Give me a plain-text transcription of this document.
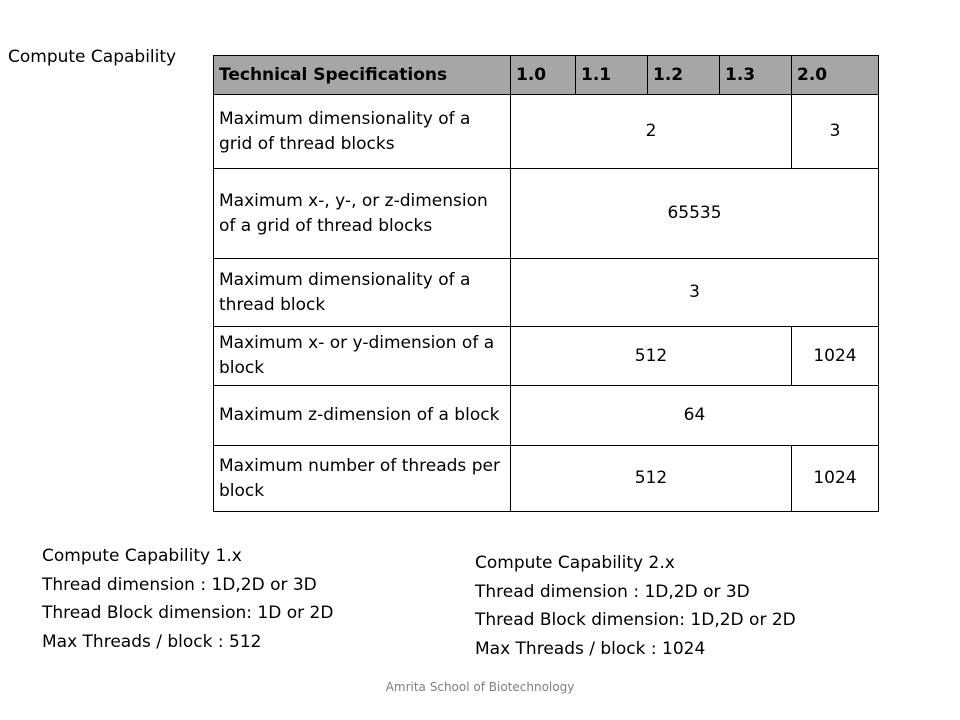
Compute Capability
Technical Specifications	1.0	1.1	1.2	1.3	2.0
Maximum dimensionality of a grid of thread blocks	2				3
Maximum x-, y-, or z-dimension of a grid of thread blocks	65535				
Maximum dimensionality of a thread block	3				
Maximum x- or y-dimension of a block	512				1024
Maximum z-dimension of a block	64				
Maximum number of threads per block	512				1024
Compute Capability 1.x
Thread dimension : 1D,2D or 3D
Thread Block dimension: 1D or 2D
Max Threads / block : 512
Compute Capability 2.x
Thread dimension : 1D,2D or 3D
Thread Block dimension: 1D,2D or 2D
Max Threads / block : 1024
Amrita School of Biotechnology
